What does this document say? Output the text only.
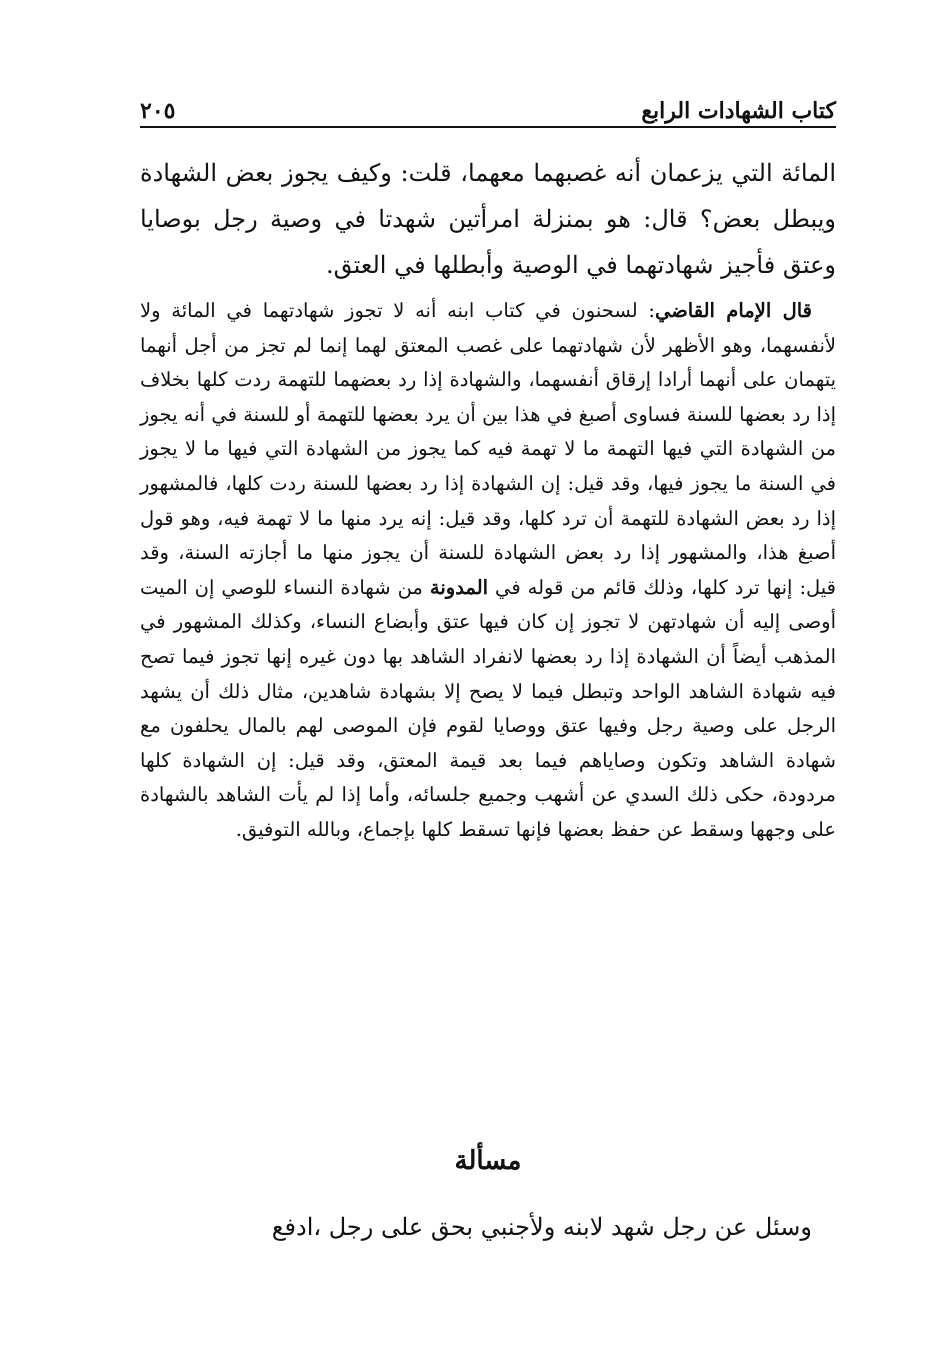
كتاب الشهادات الرابع
٢٠٥

المائة التي يزعمان أنه غصبهما معهما، قلت: وكيف يجوز بعض الشهادة ويبطل بعض؟ قال: هو بمنزلة امرأتين شهدتا في وصية رجل بوصايا وعتق فأجيز شهادتهما في الوصية وأبطلها في العتق.

قال الإمام القاضي: لسحنون في كتاب ابنه أنه لا تجوز شهادتهما في المائة ولا لأنفسهما، وهو الأظهر لأن شهادتهما على غصب المعتق لهما إنما لم تجز من أجل أنهما يتهمان على أنهما أرادا إرقاق أنفسهما، والشهادة إذا رد بعضهما للتهمة ردت كلها بخلاف إذا رد بعضها للسنة فساوى أصبغ في هذا بين أن يرد بعضها للتهمة أو للسنة في أنه يجوز من الشهادة التي فيها التهمة ما لا تهمة فيه كما يجوز من الشهادة التي فيها ما لا يجوز في السنة ما يجوز فيها، وقد قيل: إن الشهادة إذا رد بعضها للسنة ردت كلها، فالمشهور إذا رد بعض الشهادة للتهمة أن ترد كلها، وقد قيل: إنه يرد منها ما لا تهمة فيه، وهو قول أصبغ هذا، والمشهور إذا رد بعض الشهادة للسنة أن يجوز منها ما أجازته السنة، وقد قيل: إنها ترد كلها، وذلك قائم من قوله في المدونة من شهادة النساء للوصي إن الميت أوصى إليه أن شهادتهن لا تجوز إن كان فيها عتق وأبضاع النساء، وكذلك المشهور في المذهب أيضاً أن الشهادة إذا رد بعضها لانفراد الشاهد بها دون غيره إنها تجوز فيما تصح فيه شهادة الشاهد الواحد وتبطل فيما لا يصح إلا بشهادة شاهدين، مثال ذلك أن يشهد الرجل على وصية رجل وفيها عتق ووصايا لقوم فإن الموصى لهم بالمال يحلفون مع شهادة الشاهد وتكون وصاياهم فيما بعد قيمة المعتق، وقد قيل: إن الشهادة كلها مردودة، حكى ذلك السدي عن أشهب وجميع جلسائه، وأما إذا لم يأت الشاهد بالشهادة على وجهها وسقط عن حفظ بعضها فإنها تسقط كلها بإجماع، وبالله التوفيق.

مسألة

وسئل عن رجل شهد لابنه ولأجنبي بحق على رجل ،ادفع
